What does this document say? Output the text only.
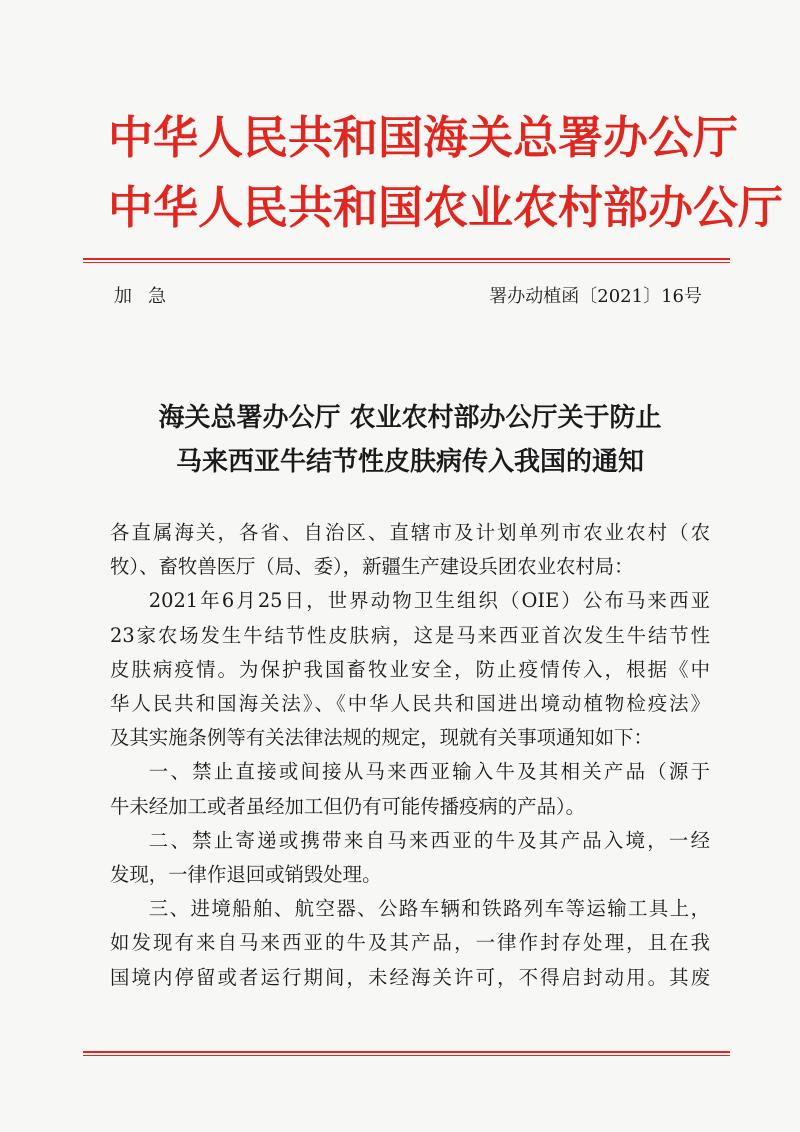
中华人民共和国海关总署办公厅
中华人民共和国农业农村部办公厅
加急	署办动植函〔2021〕16号
海关总署办公厅 农业农村部办公厅关于防止
马来西亚牛结节性皮肤病传入我国的通知

各直属海关，各省、自治区、直辖市及计划单列市农业农村（农
牧）、畜牧兽医厅（局、委），新疆生产建设兵团农业农村局：

2021年6月25日，世界动物卫生组织（OIE）公布马来西亚
23家农场发生牛结节性皮肤病，这是马来西亚首次发生牛结节性
皮肤病疫情。为保护我国畜牧业安全，防止疫情传入，根据《中
华人民共和国海关法》、《中华人民共和国进出境动植物检疫法》
及其实施条例等有关法律法规的规定，现就有关事项通知如下：

一、禁止直接或间接从马来西亚输入牛及其相关产品（源于
牛未经加工或者虽经加工但仍有可能传播疫病的产品）。

二、禁止寄递或携带来自马来西亚的牛及其产品入境，一经
发现，一律作退回或销毁处理。

三、进境船舶、航空器、公路车辆和铁路列车等运输工具上，
如发现有来自马来西亚的牛及其产品，一律作封存处理，且在我
国境内停留或者运行期间，未经海关许可，不得启封动用。其废
